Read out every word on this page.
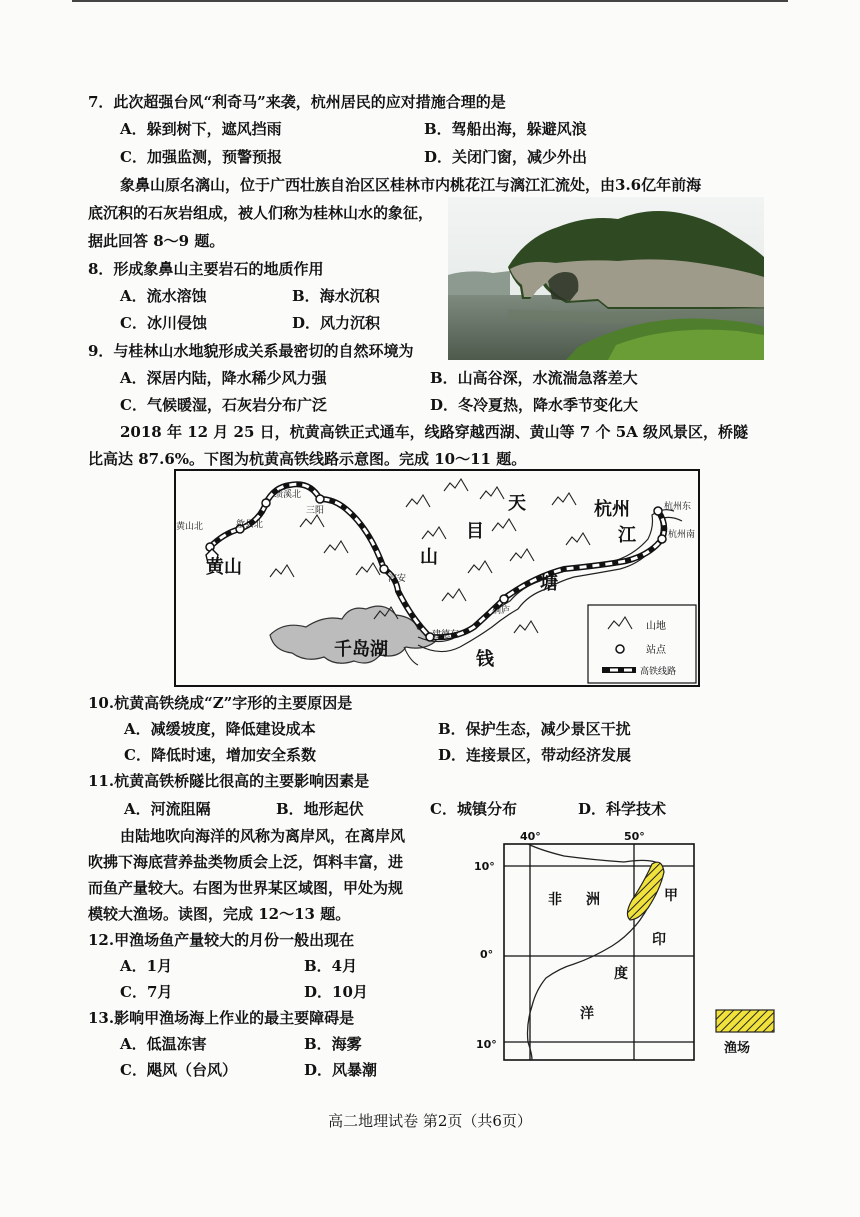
7．此次超强台风“利奇马”来袭，杭州居民的应对措施合理的是
A．躲到树下，遮风挡雨	B．驾船出海，躲避风浪
C．加强监测，预警预报	D．关闭门窗，减少外出
象鼻山原名漓山，位于广西壮族自治区区桂林市内桃花江与漓江汇流处，由3.6亿年前海
底沉积的石灰岩组成，被人们称为桂林山水的象征，
据此回答 8～9 题。
8．形成象鼻山主要岩石的地质作用
A．流水溶蚀	B．海水沉积
C．冰川侵蚀	D．风力沉积
9．与桂林山水地貌形成关系最密切的自然环境为
A．深居内陆，降水稀少风力强	B．山高谷深，水流湍急落差大
C．气候暖湿，石灰岩分布广泛	D．冬冷夏热，降水季节变化大
2018 年 12 月 25 日，杭黄高铁正式通车，线路穿越西湖、黄山等 7 个 5A 级风景区，桥隧
比高达 87.6%。下图为杭黄高铁线路示意图。完成 10～11 题。
黄山北	歙县北
绩溪北
三阳
淳安
建德东
桐庐
杭州东
杭州南
黄山
千岛湖
杭州
江
塘
钱
天
目
山
山地
站点
高铁线路
10.杭黄高铁绕成“Z”字形的主要原因是
A．减缓坡度，降低建设成本	B．保护生态，减少景区干扰
C．降低时速，增加安全系数	D．连接景区，带动经济发展
11.杭黄高铁桥隧比很高的主要影响因素是
A．河流阻隔	B．地形起伏	C．城镇分布	D．科学技术
由陆地吹向海洋的风称为离岸风，在离岸风
吹拂下海底营养盐类物质会上泛，饵料丰富，进
而鱼产量较大。右图为世界某区域图，甲处为规
模较大渔场。读图，完成 12～13 题。
12.甲渔场鱼产量较大的月份一般出现在
A．1月	B．4月
C．7月	D．10月
13.影响甲渔场海上作业的最主要障碍是
A．低温冻害	B．海雾
C．飓风（台风）	D．风暴潮
40°	50°
10°
0°
10°
非 洲	甲
印
度
洋
渔场
高二地理试卷 第2页（共6页）
